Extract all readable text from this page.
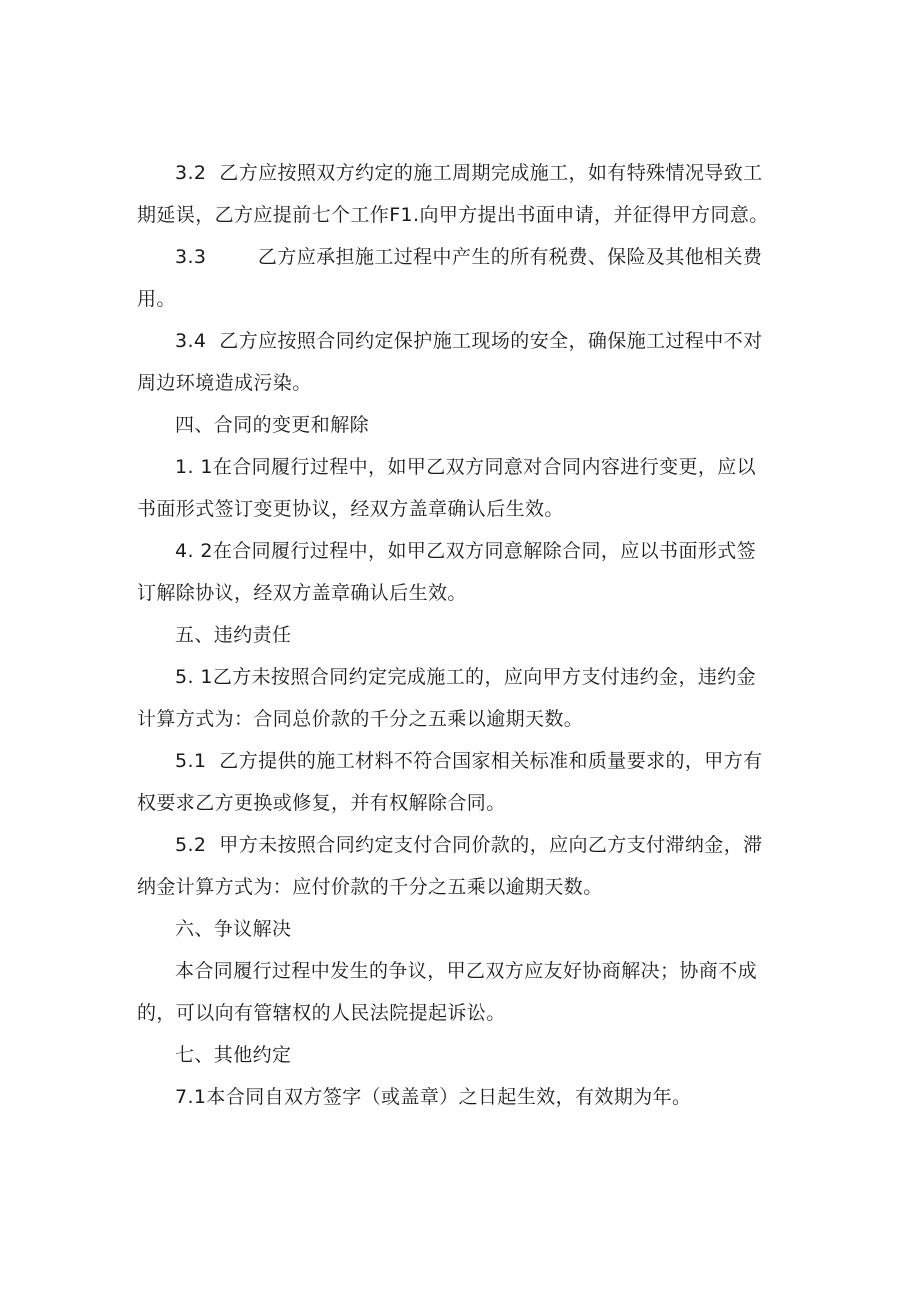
3.2  乙方应按照双方约定的施工周期完成施工，如有特殊情况导致工
期延误，乙方应提前七个工作F1.向甲方提出书面申请，并征得甲方同意。

3.3        乙方应承担施工过程中产生的所有税费、保险及其他相关费
用。

3.4  乙方应按照合同约定保护施工现场的安全，确保施工过程中不对
周边环境造成污染。

四、合同的变更和解除

1. 1在合同履行过程中，如甲乙双方同意对合同内容进行变更，应以
书面形式签订变更协议，经双方盖章确认后生效。

4. 2在合同履行过程中，如甲乙双方同意解除合同，应以书面形式签
订解除协议，经双方盖章确认后生效。

五、违约责任

5. 1乙方未按照合同约定完成施工的，应向甲方支付违约金，违约金
计算方式为：合同总价款的千分之五乘以逾期天数。

5.1  乙方提供的施工材料不符合国家相关标准和质量要求的，甲方有
权要求乙方更换或修复，并有权解除合同。

5.2  甲方未按照合同约定支付合同价款的，应向乙方支付滞纳金，滞
纳金计算方式为：应付价款的千分之五乘以逾期天数。

六、争议解决

本合同履行过程中发生的争议，甲乙双方应友好协商解决；协商不成
的，可以向有管辖权的人民法院提起诉讼。

七、其他约定

7.1本合同自双方签字（或盖章）之日起生效，有效期为年。
